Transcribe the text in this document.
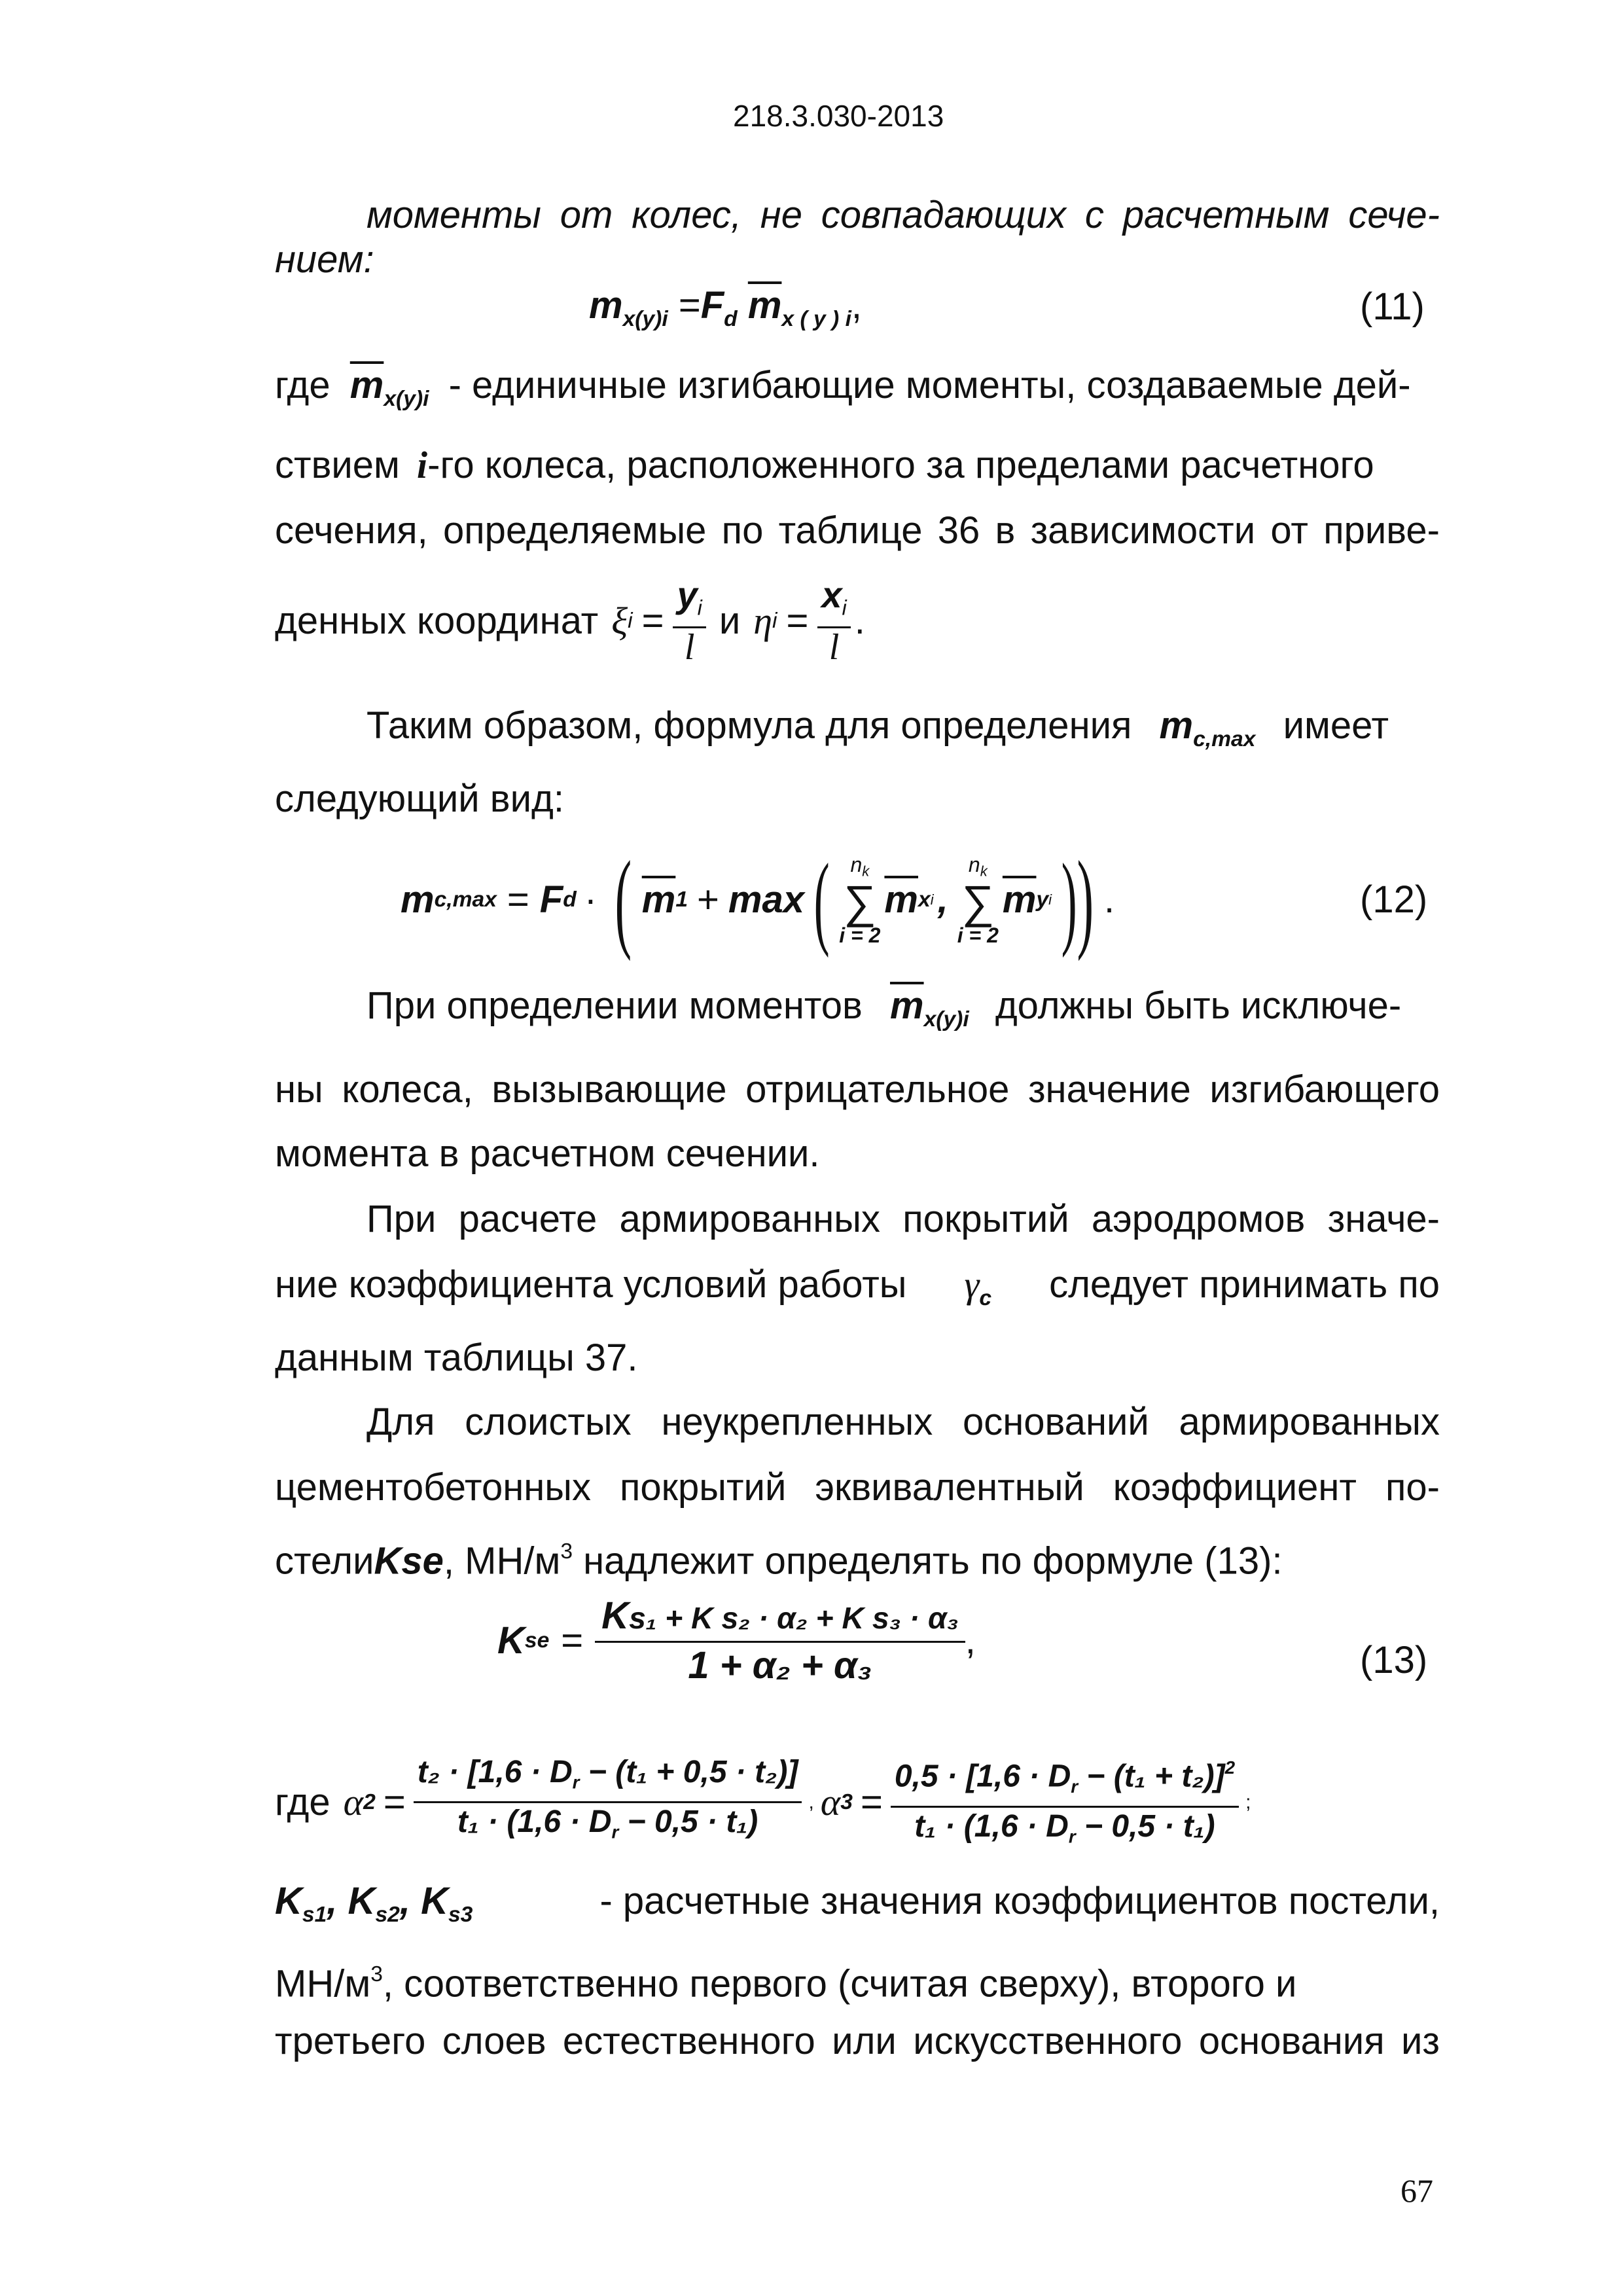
218.3.030-2013
моменты от колес, не совпадающих с расчетным сече-
нием:
$m_{x(y)i} =F_d$ $\overline{m}_{x ( y ) i}$,	(11)
где $\overline{m}_{x(y)i}$ - единичные изгибающие моменты, создаваемые дей-
ствием i-го колеса, расположенного за пределами расчетного
сечения, определяемые по таблице 36 в зависимости от приве-
денных координат ξ $i = \frac{y_i}{l}$ и η $i = \frac{x_i}{l}$ .
Таким образом, формула для определения $m_{c,max}$ имеет
следующий вид:
m c,max = F d · ( $\overline{m}$ 1 + max ( $n_k$
∑
i = 2
$\overline{m}$ x i ,
$n_k$
∑
i = 2
$\overline{m}$ y i ) ) .	(12)
При определении моментов $\overline{m}_{x(y)i}$ должны быть исключе-
ны колеса, вызывающие отрицательное значение изгибающего
момента в расчетном сечении.
При расчете армированных покрытий аэродромов значе-
ние коэффициента условий работы $\gamma_c$ следует принимать по
данным таблицы 37.
Для слоистых неукрепленных оснований армированных
цементобетонных покрытий эквивалентный коэффициент по-
стелиKse, $МН/м^3$ надлежит определять по формуле (13):
K se = $\frac{\text{Ks₁ + K s₂ · α₂ + K s₃ · α₃}}{\text{1 + α₂ + α₃}}$ ,	(13)
где α $2 = \frac{t_2 \cdot [1,6 \cdot D_r - (t_1 + 0,5 \cdot t_2)]}{t_1 \cdot (1,6 \cdot D_r - 0,5 \cdot t_1)}$ , α $3 = \frac{0,5 \cdot [1,6 \cdot D_r - (t_1 + t_2)]^2}{t_1 \cdot (1,6 \cdot D_r - 0,5 \cdot t_1)}$ ;
$K_{s1}$, $K_{s2}$, $K_{s3}$	- расчетные значения коэффициентов постели,
$МН/м^3$, соответственно первого (считая сверху), второго и
третьего слоев естественного или искусственного основания из
67
